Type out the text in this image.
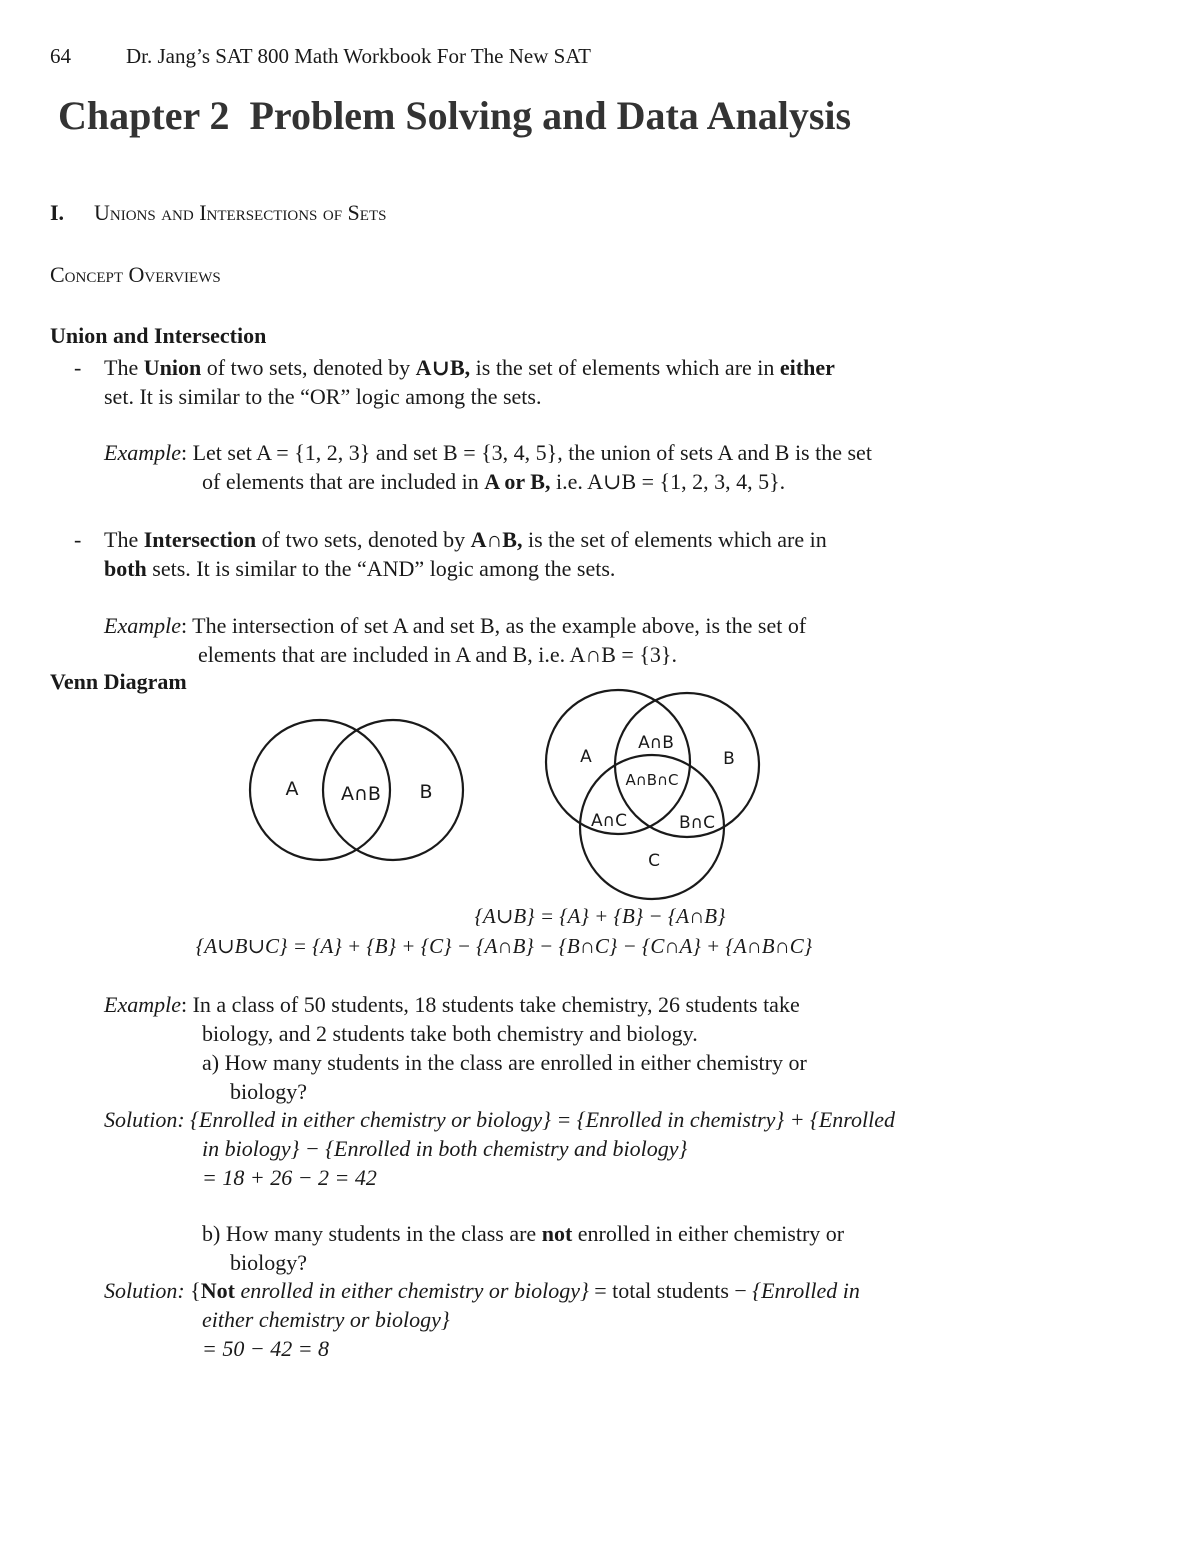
64	Dr. Jang’s SAT 800 Math Workbook For The New SAT
Chapter 2 Problem Solving and Data Analysis
I. Unions and Intersections of Sets
Concept Overviews
Union and Intersection
- The Union of two sets, denoted by A∪B, is the set of elements which are in either
set. It is similar to the “OR” logic among the sets.
Example: Let set A = {1, 2, 3} and set B = {3, 4, 5}, the union of sets A and B is the set
of elements that are included in A or B, i.e. A∪B = {1, 2, 3, 4, 5}.
- The Intersection of two sets, denoted by A∩B, is the set of elements which are in
both sets. It is similar to the “AND” logic among the sets.
Example: The intersection of set A and set B, as the example above, is the set of
elements that are included in A and B, i.e. A∩B = {3}.
Venn Diagram
A A∩B B
A	B
C
A∩B
A∩B∩C
A∩C	B∩C
{A∪B} = {A} + {B} − {A∩B}
{A∪B∪C} = {A} + {B} + {C} − {A∩B} − {B∩C} − {C∩A} + {A∩B∩C}
Example: In a class of 50 students, 18 students take chemistry, 26 students take
biology, and 2 students take both chemistry and biology.
a) How many students in the class are enrolled in either chemistry or
biology?
Solution: {Enrolled in either chemistry or biology} = {Enrolled in chemistry} + {Enrolled
in biology} − {Enrolled in both chemistry and biology}
= 18 + 26 − 2 = 42
b) How many students in the class are not enrolled in either chemistry or
biology?
Solution: {Not enrolled in either chemistry or biology} = total students − {Enrolled in
either chemistry or biology}
= 50 − 42 = 8
